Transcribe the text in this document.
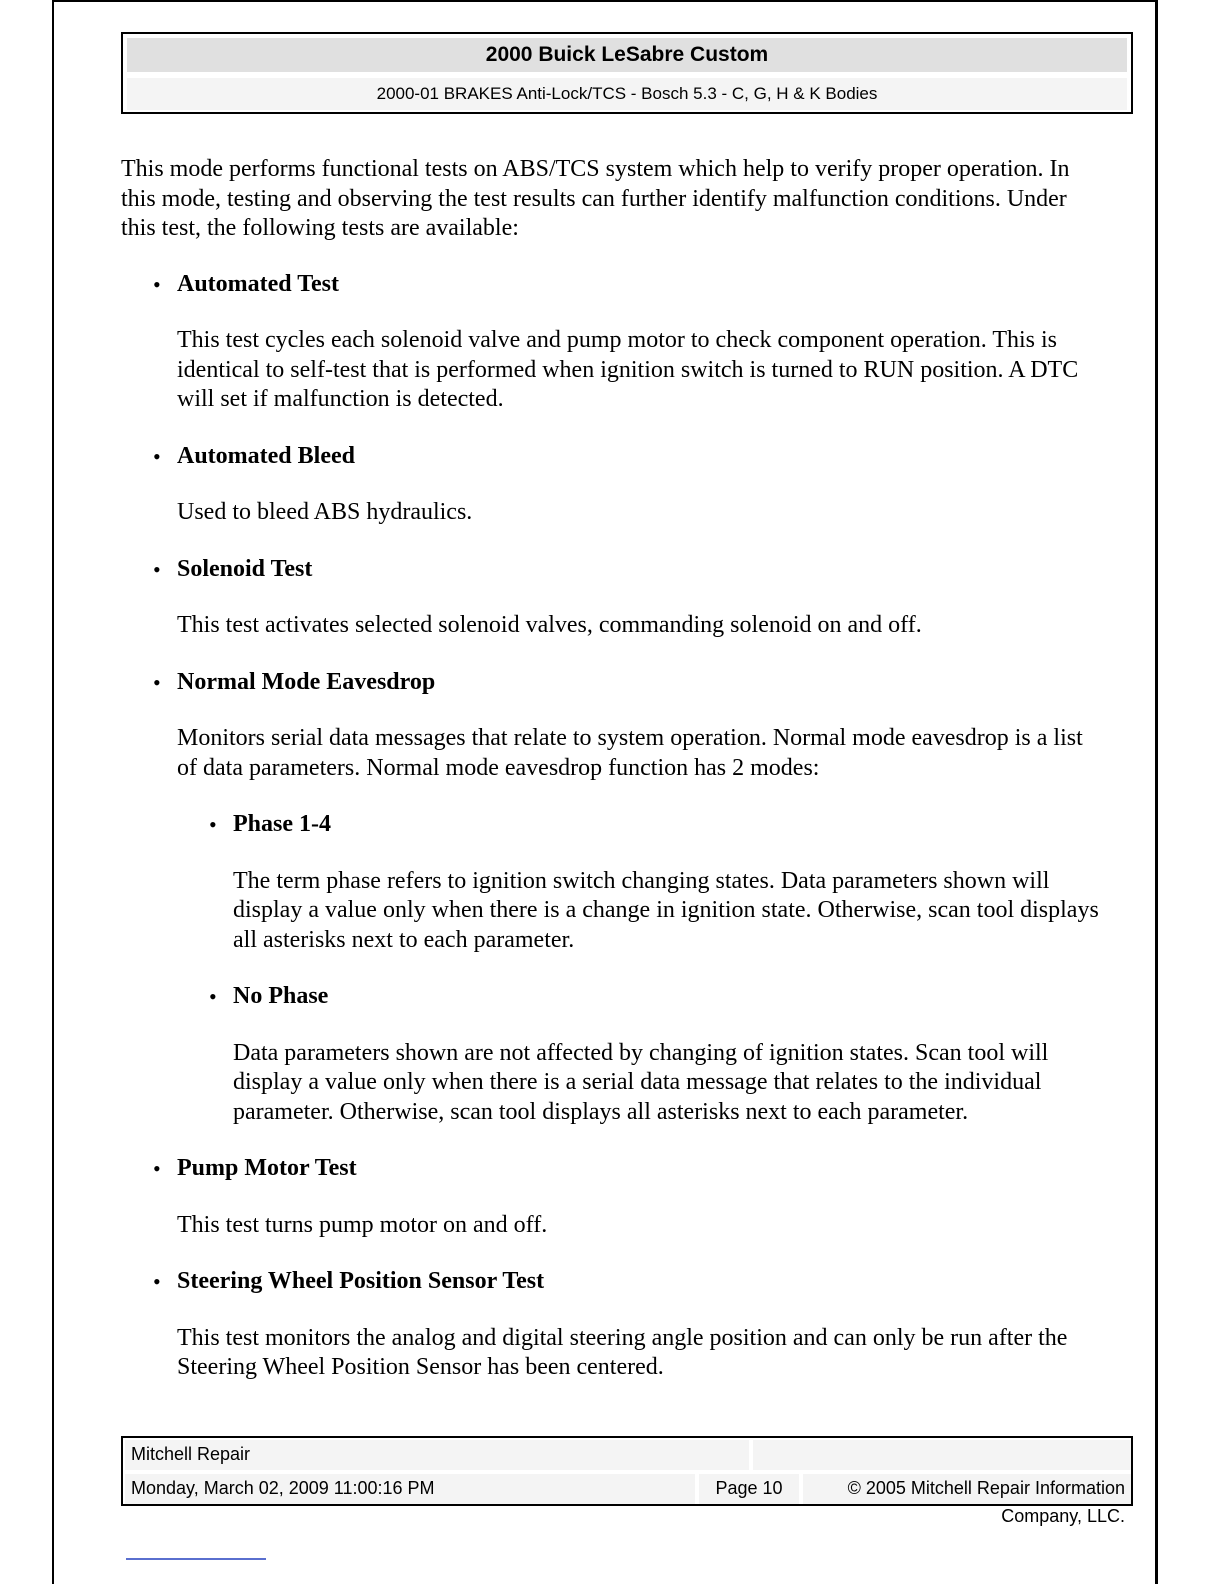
2000 Buick LeSabre Custom
2000-01 BRAKES Anti-Lock/TCS - Bosch 5.3 - C, G, H & K Bodies

This mode performs functional tests on ABS/TCS system which help to verify proper operation. In this mode, testing and observing the test results can further identify malfunction conditions. Under this test, the following tests are available:

• Automated Test

This test cycles each solenoid valve and pump motor to check component operation. This is identical to self-test that is performed when ignition switch is turned to RUN position. A DTC will set if malfunction is detected.

• Automated Bleed

Used to bleed ABS hydraulics.

• Solenoid Test

This test activates selected solenoid valves, commanding solenoid on and off.

• Normal Mode Eavesdrop

Monitors serial data messages that relate to system operation. Normal mode eavesdrop is a list of data parameters. Normal mode eavesdrop function has 2 modes:

• Phase 1-4

The term phase refers to ignition switch changing states. Data parameters shown will display a value only when there is a change in ignition state. Otherwise, scan tool displays all asterisks next to each parameter.

• No Phase

Data parameters shown are not affected by changing of ignition states. Scan tool will display a value only when there is a serial data message that relates to the individual parameter. Otherwise, scan tool displays all asterisks next to each parameter.

• Pump Motor Test

This test turns pump motor on and off.

• Steering Wheel Position Sensor Test

This test monitors the analog and digital steering angle position and can only be run after the Steering Wheel Position Sensor has been centered.

Mitchell Repair
Monday, March 02, 2009 11:00:16 PM	Page 10	© 2005 Mitchell Repair Information Company, LLC.
